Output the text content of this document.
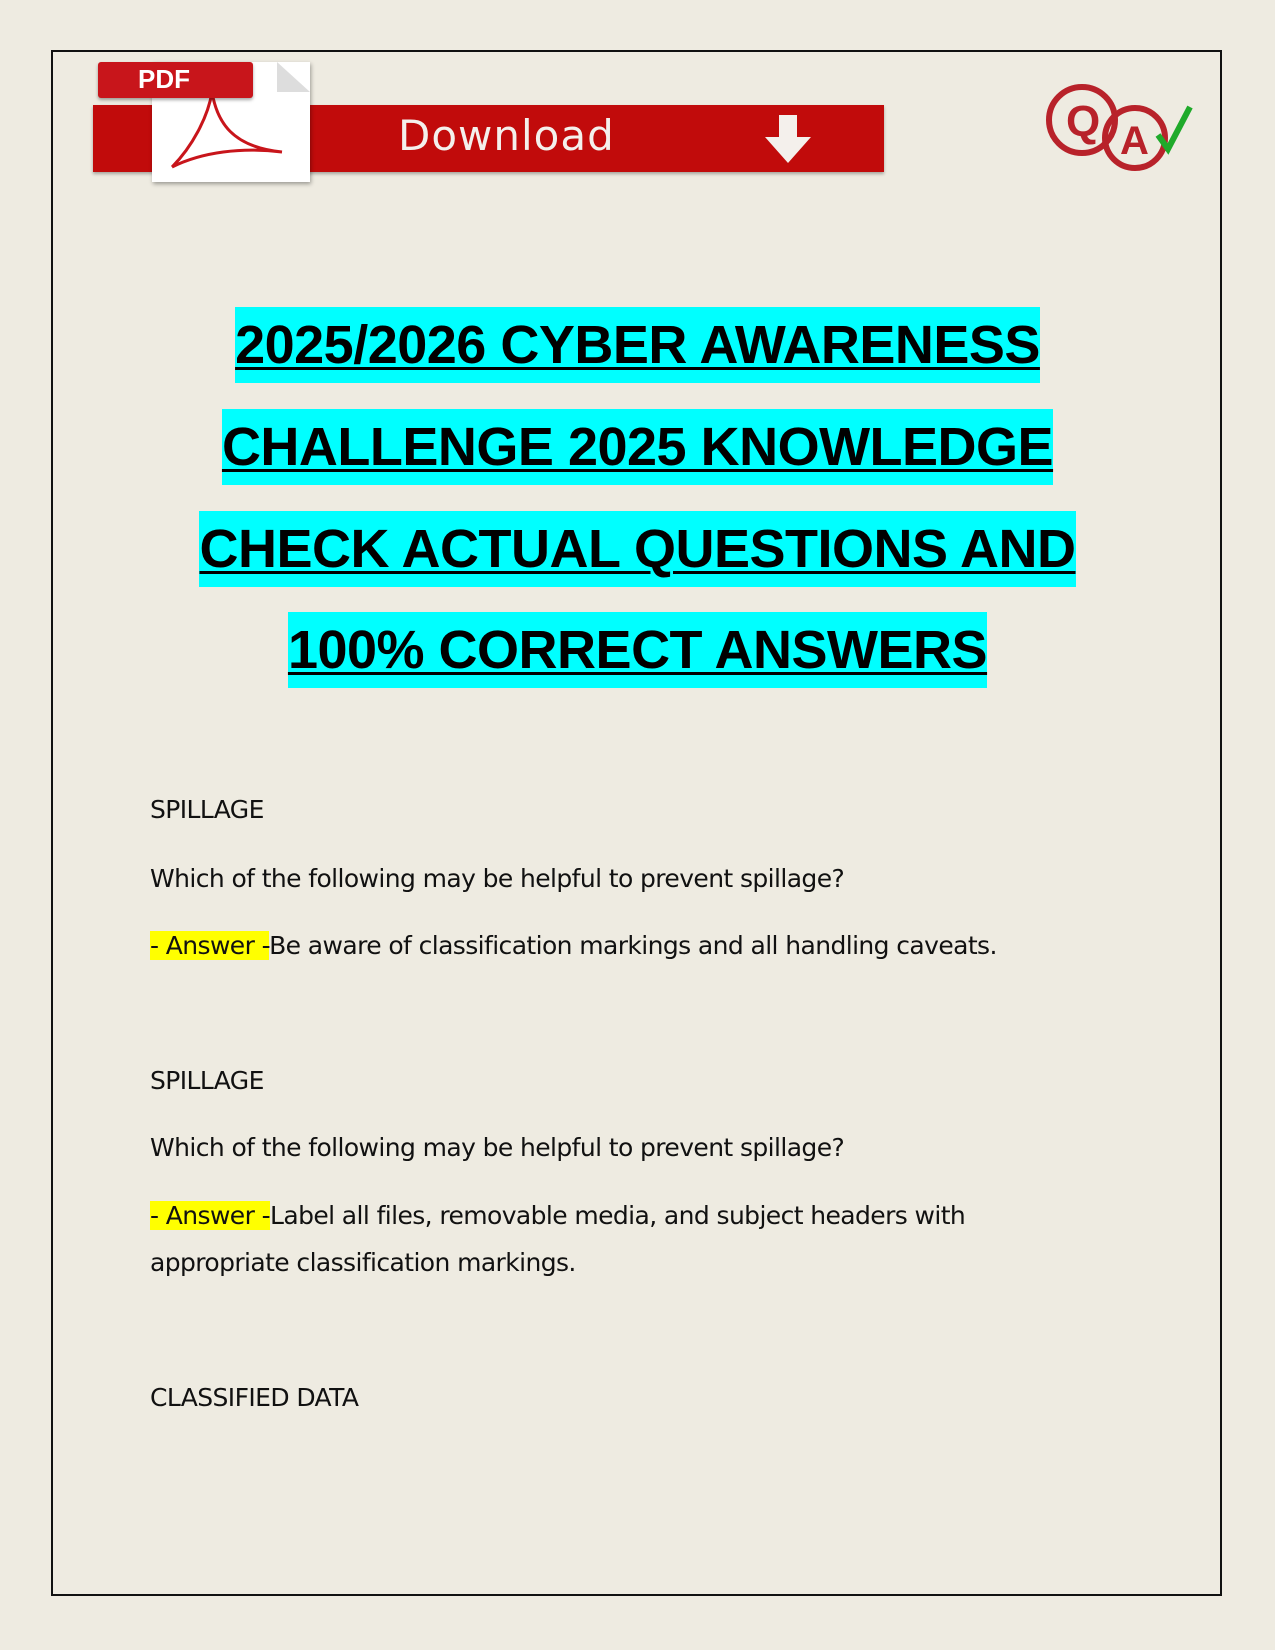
Download
PDF
Q A
2025/2026 CYBER AWARENESS
CHALLENGE 2025 KNOWLEDGE
CHECK ACTUAL QUESTIONS AND
100% CORRECT ANSWERS
SPILLAGE
Which of the following may be helpful to prevent spillage?
- Answer -Be aware of classification markings and all handling caveats.
SPILLAGE
Which of the following may be helpful to prevent spillage?
- Answer -Label all files, removable media, and subject headers with
appropriate classification markings.
CLASSIFIED DATA
